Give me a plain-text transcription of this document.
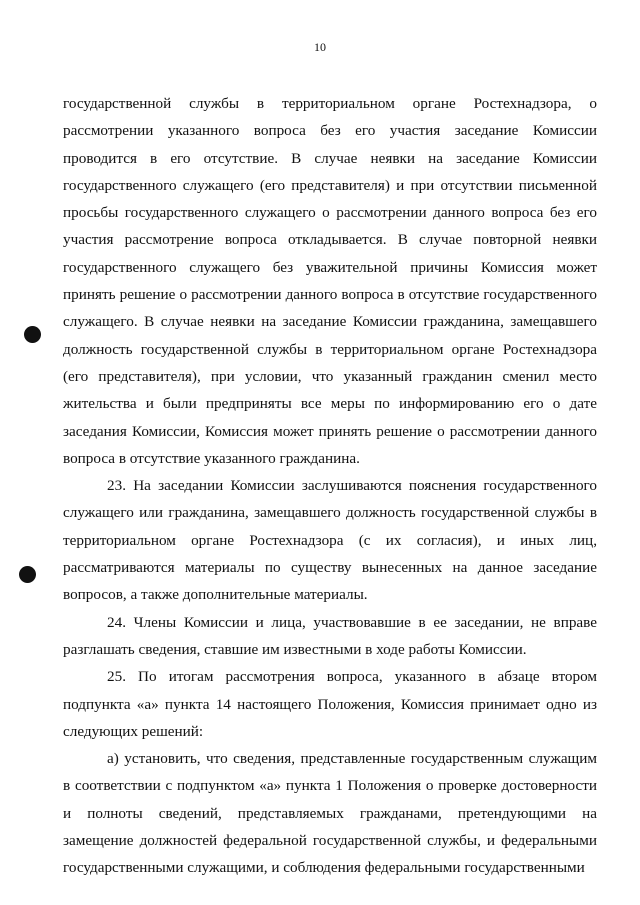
10

государственной службы в территориальном органе Ростехнадзора, о рассмотрении указанного вопроса без его участия заседание Комиссии проводится в его отсутствие. В случае неявки на заседание Комиссии государственного служащего (его представителя) и при отсутствии письменной просьбы государственного служащего о рассмотрении данного вопроса без его участия рассмотрение вопроса откладывается. В случае повторной неявки государственного служащего без уважительной причины Комиссия может принять решение о рассмотрении данного вопроса в отсутствие государственного служащего. В случае неявки на заседание Комиссии гражданина, замещавшего должность государственной службы в территориальном органе Ростехнадзора (его представителя), при условии, что указанный гражданин сменил место жительства и были предприняты все меры по информированию его о дате заседания Комиссии, Комиссия может принять решение о рассмотрении данного вопроса в отсутствие указанного гражданина.

23. На заседании Комиссии заслушиваются пояснения государственного служащего или гражданина, замещавшего должность государственной службы в территориальном органе Ростехнадзора (с их согласия), и иных лиц, рассматриваются материалы по существу вынесенных на данное заседание вопросов, а также дополнительные материалы.

24. Члены Комиссии и лица, участвовавшие в ее заседании, не вправе разглашать сведения, ставшие им известными в ходе работы Комиссии.

25. По итогам рассмотрения вопроса, указанного в абзаце втором подпункта «а» пункта 14 настоящего Положения, Комиссия принимает одно из следующих решений:

а) установить, что сведения, представленные государственным служащим в соответствии с подпунктом «а» пункта 1 Положения о проверке достоверности и полноты сведений, представляемых гражданами, претендующими на замещение должностей федеральной государственной службы, и федеральными государственными служащими, и соблюдения федеральными государственными
